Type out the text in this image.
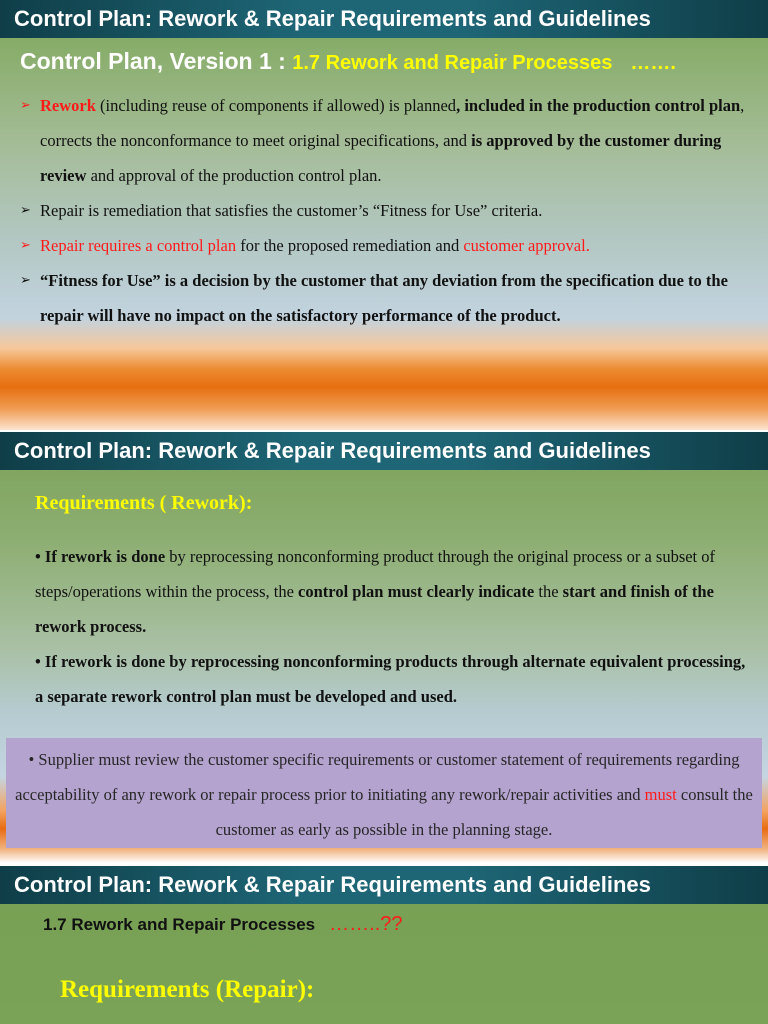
Control Plan: Rework & Repair Requirements and Guidelines
Control Plan, Version 1 : 1.7 Rework and Repair Processes …….
➢ Rework (including reuse of components if allowed) is planned, included in the production control plan, corrects the nonconformance to meet original specifications, and is approved by the customer during review and approval of the production control plan.
➢ Repair is remediation that satisfies the customer’s “Fitness for Use” criteria.
➢ Repair requires a control plan for the proposed remediation and customer approval.
➢ “Fitness for Use” is a decision by the customer that any deviation from the specification due to the repair will have no impact on the satisfactory performance of the product.
Control Plan: Rework & Repair Requirements and Guidelines
Requirements ( Rework):

• If rework is done by reprocessing nonconforming product through the original process or a subset of steps/operations within the process, the control plan must clearly indicate the start and finish of the rework process.

• If rework is done by reprocessing nonconforming products through alternate equivalent processing, a separate rework control plan must be developed and used.

• Supplier must review the customer specific requirements or customer statement of requirements regarding acceptability of any rework or repair process prior to initiating any rework/repair activities and must consult the customer as early as possible in the planning stage.
Control Plan: Rework & Repair Requirements and Guidelines
1.7 Rework and Repair Processes ……..??
Requirements (Repair):
